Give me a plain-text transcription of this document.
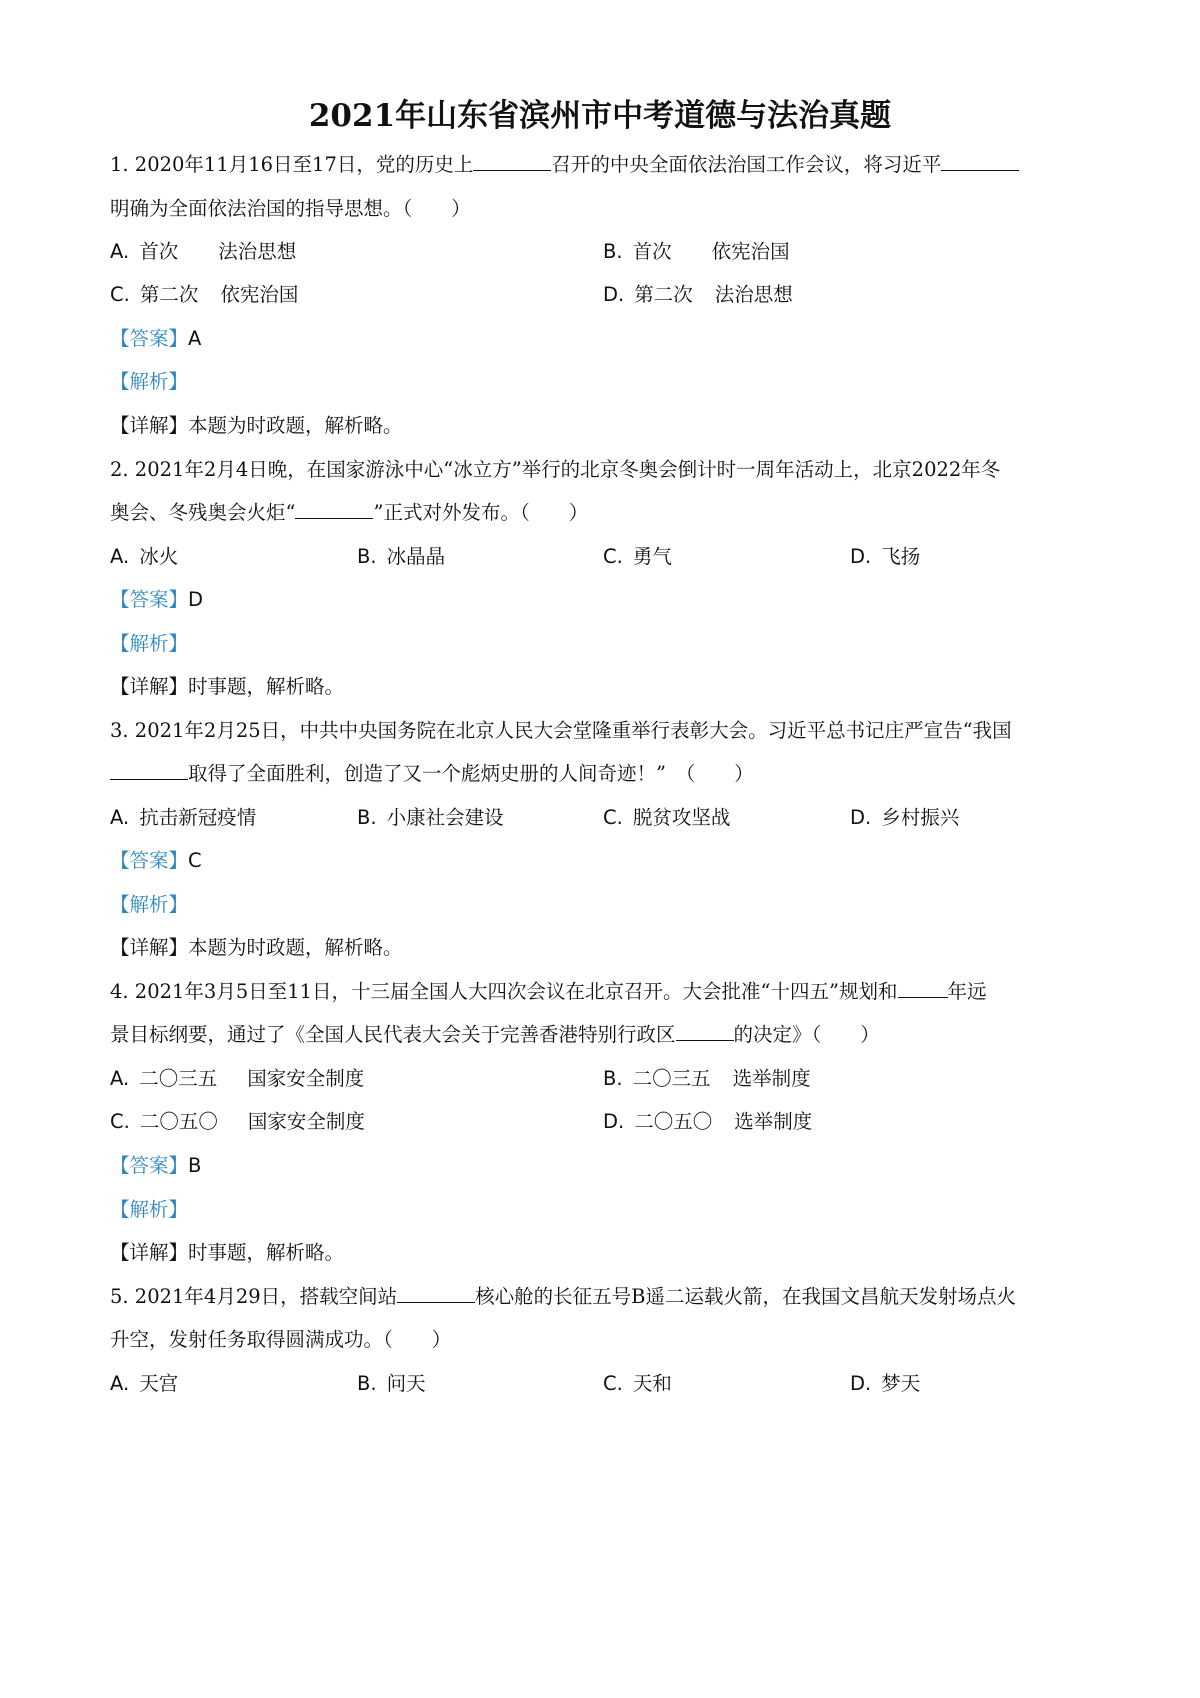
2021年山东省滨州市中考道德与法治真题
1. 2020年11月16日至17日，党的历史上	召开的中央全面依法治国工作会议，将习近平
明确为全面依法治国的指导思想。（　　）
A. 首次 法治思想	B. 首次 依宪治国
C. 第二次 依宪治国	D. 第二次 法治思想
【答案】A
【解析】
【详解】本题为时政题，解析略。
2. 2021年2月4日晚，在国家游泳中心“冰立方”举行的北京冬奥会倒计时一周年活动上，北京2022年冬
奥会、冬残奥会火炬“	”正式对外发布。（　　）
A. 冰火	B. 冰晶晶	C. 勇气	D. 飞扬
【答案】D
【解析】
【详解】时事题，解析略。
3. 2021年2月25日，中共中央国务院在北京人民大会堂隆重举行表彰大会。习近平总书记庄严宣告“我国
取得了全面胜利，创造了又一个彪炳史册的人间奇迹！”　（　　）
A. 抗击新冠疫情	B. 小康社会建设	C. 脱贫攻坚战	D. 乡村振兴
【答案】C
【解析】
【详解】本题为时政题，解析略。
4. 2021年3月5日至11日，十三届全国人大四次会议在北京召开。大会批准“十四五”规划和	年远
景目标纲要，通过了《全国人民代表大会关于完善香港特别行政区	的决定》（　　）
A. 二〇三五 国家安全制度	B. 二〇三五 选举制度
C. 二〇五〇 国家安全制度	D. 二〇五〇 选举制度
【答案】B
【解析】
【详解】时事题，解析略。
5. 2021年4月29日，搭载空间站	核心舱的长征五号B遥二运载火箭，在我国文昌航天发射场点火
升空，发射任务取得圆满成功。（　　）
A. 天宫	B. 问天	C. 天和	D. 梦天
